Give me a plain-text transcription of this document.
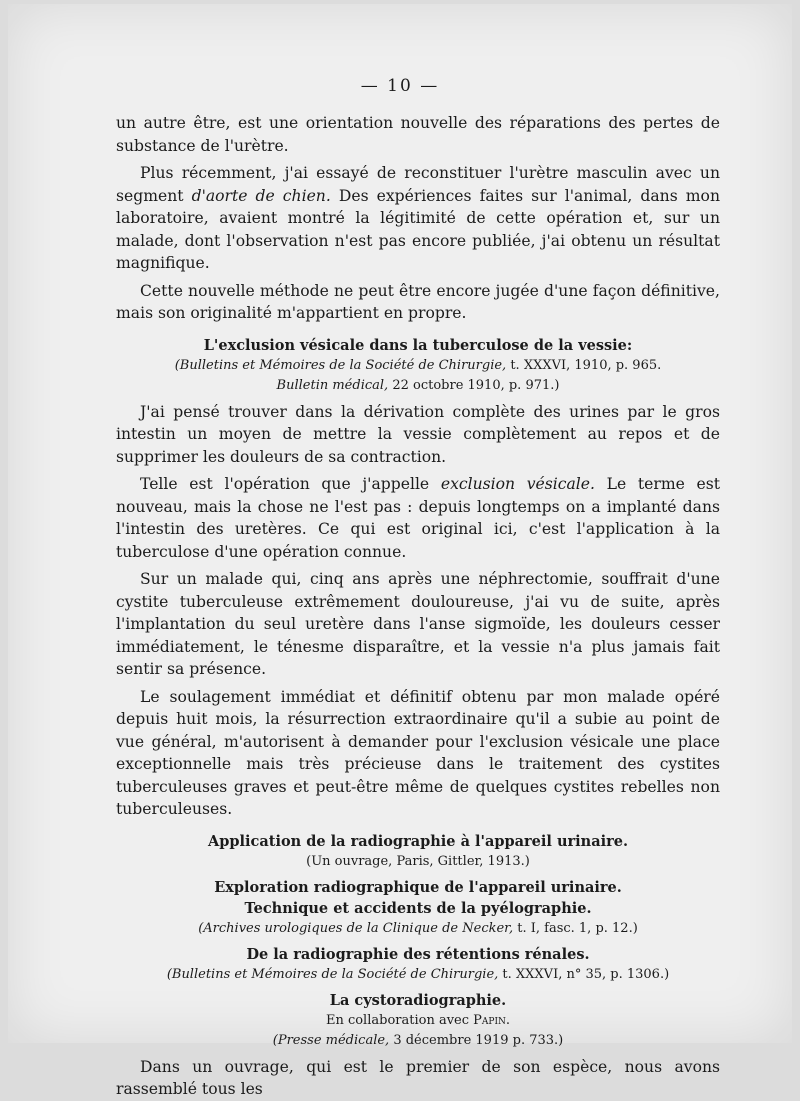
— 10 —

un autre être, est une orientation nouvelle des réparations des pertes de substance de l'urètre.

Plus récemment, j'ai essayé de reconstituer l'urètre masculin avec un segment d'aorte de chien. Des expériences faites sur l'animal, dans mon laboratoire, avaient montré la légitimité de cette opération et, sur un malade, dont l'observation n'est pas encore publiée, j'ai obtenu un résultat magnifique.

Cette nouvelle méthode ne peut être encore jugée d'une façon définitive, mais son originalité m'appartient en propre.

L'exclusion vésicale dans la tuberculose de la vessie:
(Bulletins et Mémoires de la Société de Chirurgie, t. XXXVI, 1910, p. 965.
Bulletin médical, 22 octobre 1910, p. 971.)

J'ai pensé trouver dans la dérivation complète des urines par le gros intestin un moyen de mettre la vessie complètement au repos et de supprimer les douleurs de sa contraction.

Telle est l'opération que j'appelle exclusion vésicale. Le terme est nouveau, mais la chose ne l'est pas : depuis longtemps on a implanté dans l'intestin des uretères. Ce qui est original ici, c'est l'application à la tuberculose d'une opération connue.

Sur un malade qui, cinq ans après une néphrectomie, souffrait d'une cystite tuberculeuse extrêmement douloureuse, j'ai vu de suite, après l'implantation du seul uretère dans l'anse sigmoïde, les douleurs cesser immédiatement, le ténesme disparaître, et la vessie n'a plus jamais fait sentir sa présence.

Le soulagement immédiat et définitif obtenu par mon malade opéré depuis huit mois, la résurrection extraordinaire qu'il a subie au point de vue général, m'autorisent à demander pour l'exclusion vésicale une place exceptionnelle mais très précieuse dans le traitement des cystites tuberculeuses graves et peut-être même de quelques cystites rebelles non tuberculeuses.

Application de la radiographie à l'appareil urinaire.
(Un ouvrage, Paris, Gittler, 1913.)
Exploration radiographique de l'appareil urinaire.
Technique et accidents de la pyélographie.
(Archives urologiques de la Clinique de Necker, t. I, fasc. 1, p. 12.)
De la radiographie des rétentions rénales.
(Bulletins et Mémoires de la Société de Chirurgie, t. XXXVI, n° 35, p. 1306.)
La cystoradiographie.
En collaboration avec Papin.
(Presse médicale, 3 décembre 1919 p. 733.)

Dans un ouvrage, qui est le premier de son espèce, nous avons rassemblé tous les
